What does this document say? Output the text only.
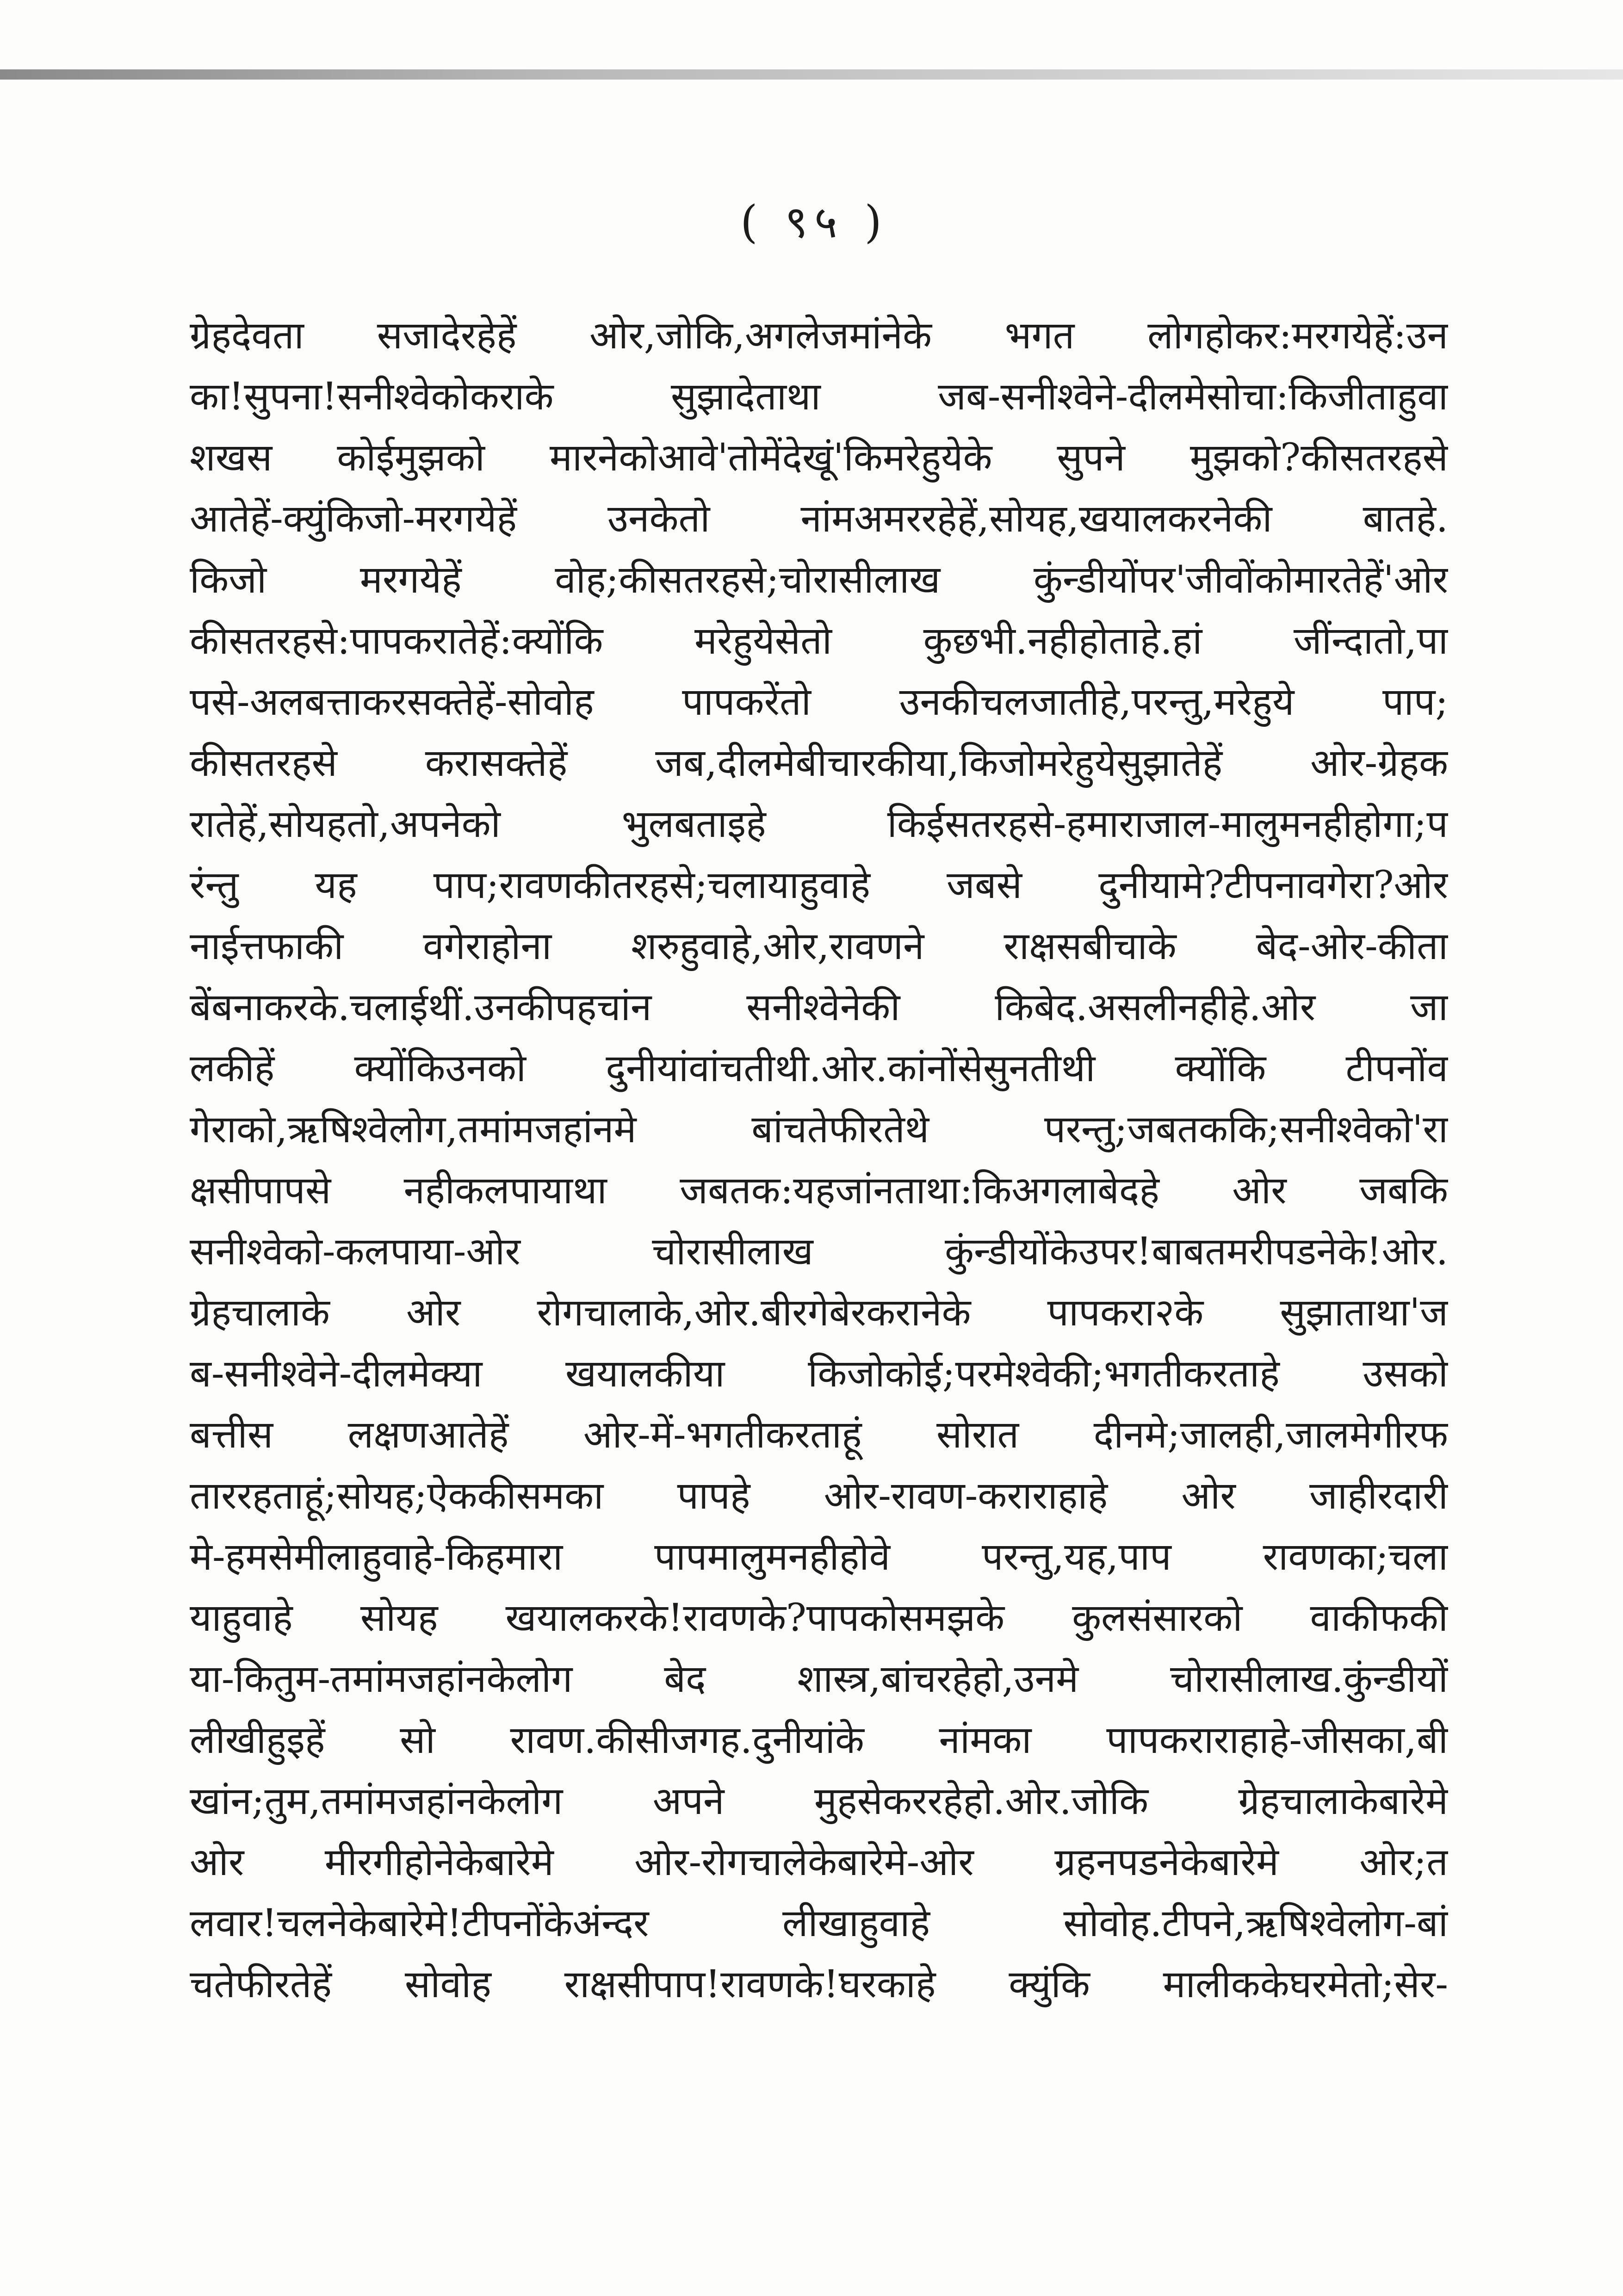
( ९५ )
ग्रेहदेवता सजादेरहेहें ओर,जोकि,अगलेजमांनेके भगत लोगहोकर:मरगयेहें:उन
का!सुपना!सनीश्वेकोकराके सुझादेताथा जब-सनीश्वेने-दीलमेसोचा:किजीताहुवा
शखस कोईमुझको मारनेकोआवे'तोमेंदेखूं'किमरेहुयेके सुपने मुझको?कीसतरहसे
आतेहें-क्युंकिजो-मरगयेहें उनकेतो नांमअमररहेहें,सोयह,खयालकरनेकी बातहे.
किजो मरगयेहें वोह;कीसतरहसे;चोरासीलाख कुंन्डीयोंपर'जीवोंकोमारतेहें'ओर
कीसतरहसे:पापकरातेहें:क्योंकि मरेहुयेसेतो कुछभी.नहीहोताहे.हां जींन्दातो,पा
पसे-अलबत्ताकरसक्तेहें-सोवोह पापकरेंतो उनकीचलजातीहे,परन्तु,मरेहुये पाप;
कीसतरहसे करासक्तेहें जब,दीलमेबीचारकीया,किजोमरेहुयेसुझातेहें ओर-ग्रेहक
रातेहें,सोयहतो,अपनेको भुलबताइहे किईसतरहसे-हमाराजाल-मालुमनहीहोगा;प
रंन्तु यह पाप;रावणकीतरहसे;चलायाहुवाहे जबसे दुनीयामे?टीपनावगेरा?ओर
नाईत्तफाकी वगेराहोना शरुहुवाहे,ओर,रावणने राक्षसबीचाके बेद-ओर-कीता
बेंबनाकरके.चलाईथीं.उनकीपहचांन सनीश्वेनेकी किबेद.असलीनहीहे.ओर जा
लकीहें क्योंकिउनको दुनीयांवांचतीथी.ओर.कांनोंसेसुनतीथी क्योंकि टीपनोंव
गेराको,ऋषिश्वेलोग,तमांमजहांनमे बांचतेफीरतेथे परन्तु;जबतककि;सनीश्वेको'रा
क्षसीपापसे नहीकलपायाथा जबतक:यहजांनताथा:किअगलाबेदहे ओर जबकि
सनीश्वेको-कलपाया-ओर चोरासीलाख कुंन्डीयोंकेउपर!बाबतमरीपडनेके!ओर.
ग्रेहचालाके ओर रोगचालाके,ओर.बीरगेबेरकरानेके पापकरा२के सुझाताथा'ज
ब-सनीश्वेने-दीलमेक्या खयालकीया किजोकोई;परमेश्वेकी;भगतीकरताहे उसको
बत्तीस लक्षणआतेहें ओर-में-भगतीकरताहूं सोरात दीनमे;जालही,जालमेगीरफ
ताररहताहूं;सोयह;ऐककीसमका पापहे ओर-रावण-कराराहाहे ओर जाहीरदारी
मे-हमसेमीलाहुवाहे-किहमारा पापमालुमनहीहोवे परन्तु,यह,पाप रावणका;चला
याहुवाहे सोयह खयालकरके!रावणके?पापकोसमझके कुलसंसारको वाकीफकी
या-कितुम-तमांमजहांनकेलोग बेद शास्त्र,बांचरहेहो,उनमे चोरासीलाख.कुंन्डीयों
लीखीहुइहें सो रावण.कीसीजगह.दुनीयांके नांमका पापकराराहाहे-जीसका,बी
खांन;तुम,तमांमजहांनकेलोग अपने मुहसेकररहेहो.ओर.जोकि ग्रेहचालाकेबारेमे
ओर मीरगीहोनेकेबारेमे ओर-रोगचालेकेबारेमे-ओर ग्रहनपडनेकेबारेमे ओर;त
लवार!चलनेकेबारेमे!टीपनोंकेअंन्दर लीखाहुवाहे सोवोह.टीपने,ऋषिश्वेलोग-बां
चतेफीरतेहें सोवोह राक्षसीपाप!रावणके!घरकाहे क्युंकि मालीककेघरमेतो;सेर-
